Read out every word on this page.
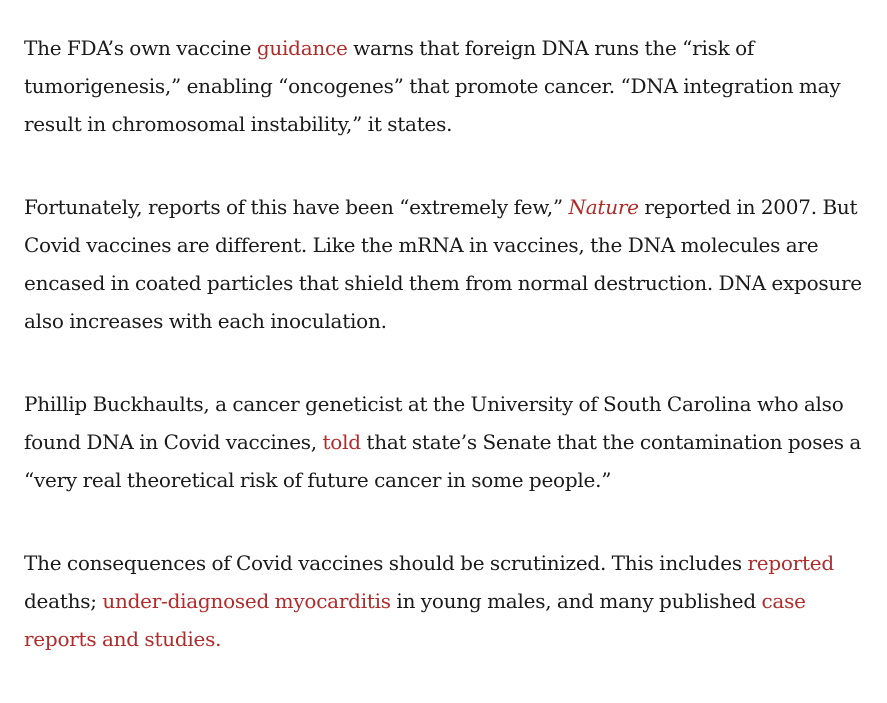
The FDA’s own vaccine guidance warns that foreign DNA runs the “risk of tumorigenesis,” enabling “oncogenes” that promote cancer. “DNA integration may result in chromosomal instability,” it states.

Fortunately, reports of this have been “extremely few,” Nature reported in 2007. But Covid vaccines are different. Like the mRNA in vaccines, the DNA molecules are encased in coated particles that shield them from normal destruction. DNA exposure also increases with each inoculation.

Phillip Buckhaults, a cancer geneticist at the University of South Carolina who also found DNA in Covid vaccines, told that state’s Senate that the contamination poses a “very real theoretical risk of future cancer in some people.”

The consequences of Covid vaccines should be scrutinized. This includes reported deaths; under-diagnosed myocarditis in young males, and many published case reports and studies.
